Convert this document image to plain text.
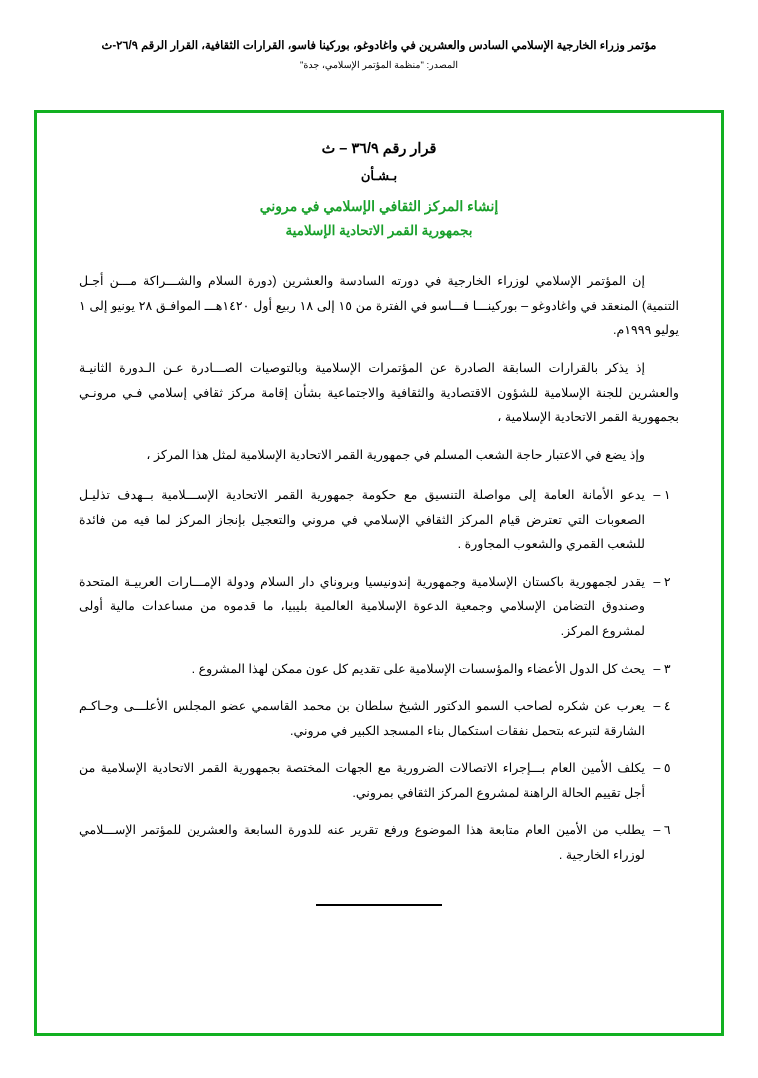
مؤتمر وزراء الخارجية الإسلامي السادس والعشرين في واغادوغو، بوركينا فاسو، القرارات الثقافية، القرار الرقم ٢٦/٩-ث
المصدر: "منظمة المؤتمر الإسلامي، جدة"
قرار رقم ٣٦/٩ – ث
بـشـأن
إنشاء المركز الثقافي الإسلامي في مروني
بجمهورية القمر الاتحادية الإسلامية

إن المؤتمر الإسلامي لوزراء الخارجية في دورته السادسة والعشرين (دورة السلام والشـــراكة مـــن أجـل التنمية) المنعقد في واغادوغو – بوركينـــا فـــاسو في الفترة من ١٥ إلى ١٨ ربيع أول ١٤٢٠هـــ الموافـق ٢٨ يونيو إلى ١ يوليو ١٩٩٩م.

إذ يذكر بالقرارات السابقة الصادرة عن المؤتمرات الإسلامية وبالتوصيات الصـــادرة عـن الـدورة الثانيـة والعشرين للجنة الإسلامية للشؤون الاقتصادية والثقافية والاجتماعية بشأن إقامة مركز ثقافي إسلامي فـي مرونـي بجمهورية القمر الاتحادية الإسلامية ،

وإذ يضع في الاعتبار حاجة الشعب المسلم في جمهورية القمر الاتحادية الإسلامية لمثل هذا المركز ،

١ –
يدعو الأمانة العامة إلى مواصلة التنسيق مع حكومة جمهورية القمر الاتحادية الإســـلامية بــهدف تذليـل الصعوبات التي تعترض قيام المركز الثقافي الإسلامي في مروني والتعجيل بإنجاز المركز لما فيه من فائدة للشعب القمري والشعوب المجاورة .
٢ –
يقدر لجمهورية باكستان الإسلامية وجمهورية إندونيسيا وبروناي دار السلام ودولة الإمـــارات العربيـة المتحدة وصندوق التضامن الإسلامي وجمعية الدعوة الإسلامية العالمية بليبيا، ما قدموه من مساعدات مالية أولى لمشروع المركز.
٣ –
يحث كل الدول الأعضاء والمؤسسات الإسلامية على تقديم كل عون ممكن لهذا المشروع .
٤ –
يعرب عن شكره لصاحب السمو الدكتور الشيخ سلطان بن محمد القاسمي عضو المجلس الأعلـــى وحـاكـم الشارقة لتبرعه بتحمل نفقات استكمال بناء المسجد الكبير في مروني.
٥ –
يكلف الأمين العام بـــإجراء الاتصالات الضرورية مع الجهات المختصة بجمهورية القمر الاتحادية الإسلامية من أجل تقييم الحالة الراهنة لمشروع المركز الثقافي بمروني.
٦ –
يطلب من الأمين العام متابعة هذا الموضوع ورفع تقرير عنه للدورة السابعة والعشرين للمؤتمر الإســـلامي لوزراء الخارجية .
